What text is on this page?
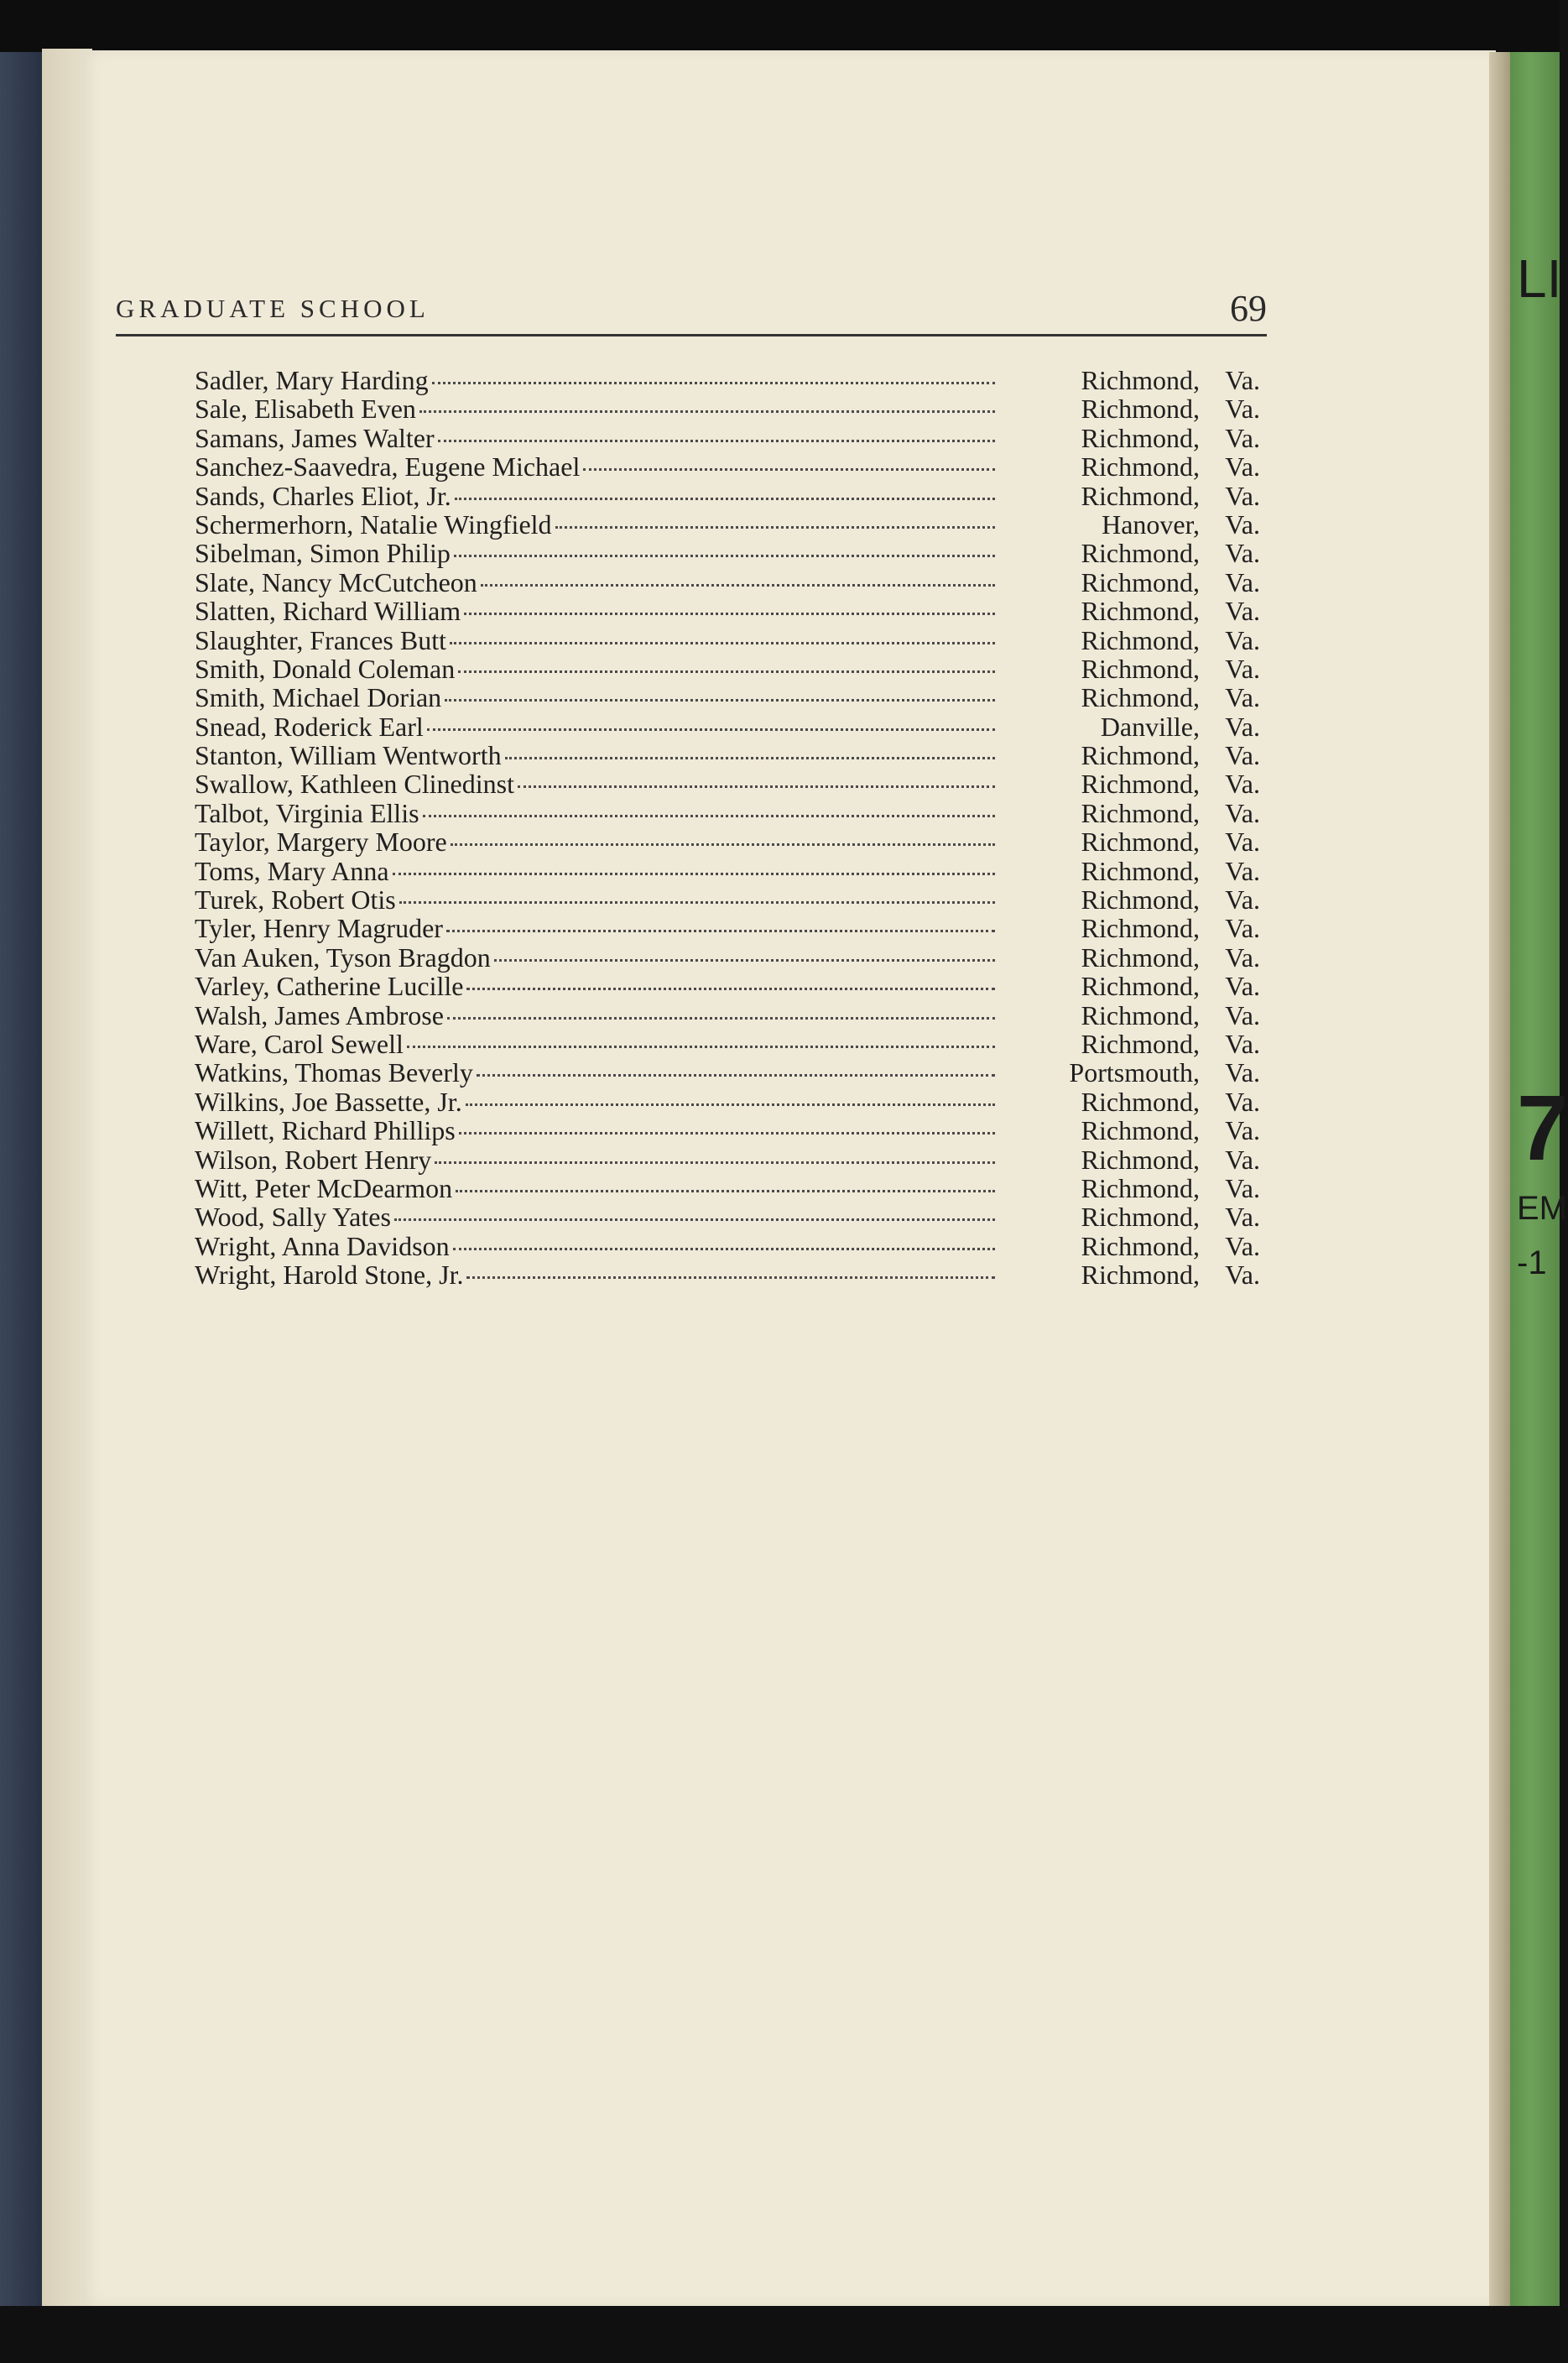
LI
7
EM
-1
GRADUATE SCHOOL	69
Sadler, Mary Harding	Richmond, Va.
Sale, Elisabeth Even	Richmond, Va.
Samans, James Walter	Richmond, Va.
Sanchez-Saavedra, Eugene Michael	Richmond, Va.
Sands, Charles Eliot, Jr.	Richmond, Va.
Schermerhorn, Natalie Wingfield	Hanover, Va.
Sibelman, Simon Philip	Richmond, Va.
Slate, Nancy McCutcheon	Richmond, Va.
Slatten, Richard William	Richmond, Va.
Slaughter, Frances Butt	Richmond, Va.
Smith, Donald Coleman	Richmond, Va.
Smith, Michael Dorian	Richmond, Va.
Snead, Roderick Earl	Danville, Va.
Stanton, William Wentworth	Richmond, Va.
Swallow, Kathleen Clinedinst	Richmond, Va.
Talbot, Virginia Ellis	Richmond, Va.
Taylor, Margery Moore	Richmond, Va.
Toms, Mary Anna	Richmond, Va.
Turek, Robert Otis	Richmond, Va.
Tyler, Henry Magruder	Richmond, Va.
Van Auken, Tyson Bragdon	Richmond, Va.
Varley, Catherine Lucille	Richmond, Va.
Walsh, James Ambrose	Richmond, Va.
Ware, Carol Sewell	Richmond, Va.
Watkins, Thomas Beverly	Portsmouth, Va.
Wilkins, Joe Bassette, Jr.	Richmond, Va.
Willett, Richard Phillips	Richmond, Va.
Wilson, Robert Henry	Richmond, Va.
Witt, Peter McDearmon	Richmond, Va.
Wood, Sally Yates	Richmond, Va.
Wright, Anna Davidson	Richmond, Va.
Wright, Harold Stone, Jr.	Richmond, Va.
